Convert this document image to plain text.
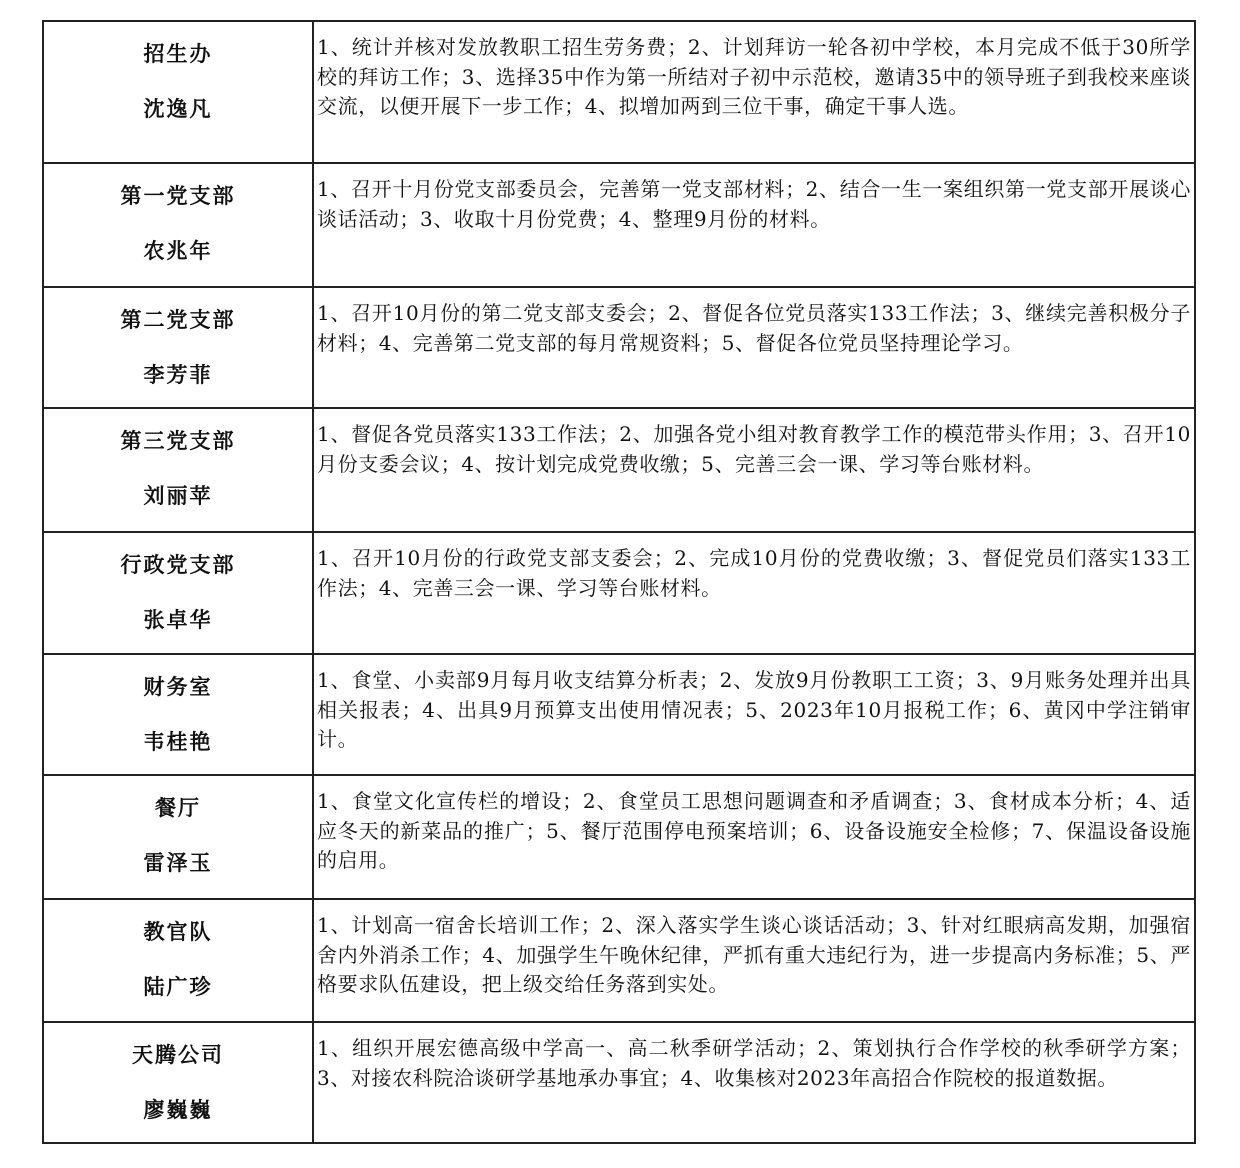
招生办
沈逸凡	1、统计并核对发放教职工招生劳务费；2、计划拜访一轮各初中学校，本月完成不低于30所学校的拜访工作；3、选择35中作为第一所结对子初中示范校，邀请35中的领导班子到我校来座谈交流，以便开展下一步工作；4、拟增加两到三位干事，确定干事人选。

第一党支部
农兆年	1、召开十月份党支部委员会，完善第一党支部材料；2、结合一生一案组织第一党支部开展谈心谈话活动；3、收取十月份党费；4、整理9月份的材料。

第二党支部
李芳菲	1、召开10月份的第二党支部支委会；2、督促各位党员落实133工作法；3、继续完善积极分子材料；4、完善第二党支部的每月常规资料；5、督促各位党员坚持理论学习。

第三党支部
刘丽苹	1、督促各党员落实133工作法；2、加强各党小组对教育教学工作的模范带头作用；3、召开10月份支委会议；4、按计划完成党费收缴；5、完善三会一课、学习等台账材料。

行政党支部
张卓华	1、召开10月份的行政党支部支委会；2、完成10月份的党费收缴；3、督促党员们落实133工作法；4、完善三会一课、学习等台账材料。

财务室
韦桂艳	1、食堂、小卖部9月每月收支结算分析表；2、发放9月份教职工工资；3、9月账务处理并出具相关报表；4、出具9月预算支出使用情况表；5、2023年10月报税工作；6、黄冈中学注销审计。

餐厅
雷泽玉	1、食堂文化宣传栏的增设；2、食堂员工思想问题调查和矛盾调查；3、食材成本分析；4、适应冬天的新菜品的推广；5、餐厅范围停电预案培训；6、设备设施安全检修；7、保温设备设施的启用。

教官队
陆广珍	1、计划高一宿舍长培训工作；2、深入落实学生谈心谈话活动；3、针对红眼病高发期，加强宿舍内外消杀工作；4、加强学生午晚休纪律，严抓有重大违纪行为，进一步提高内务标准；5、严格要求队伍建设，把上级交给任务落到实处。

天腾公司
廖巍巍	1、组织开展宏德高级中学高一、高二秋季研学活动；2、策划执行合作学校的秋季研学方案；3、对接农科院洽谈研学基地承办事宜；4、收集核对2023年高招合作院校的报道数据。
